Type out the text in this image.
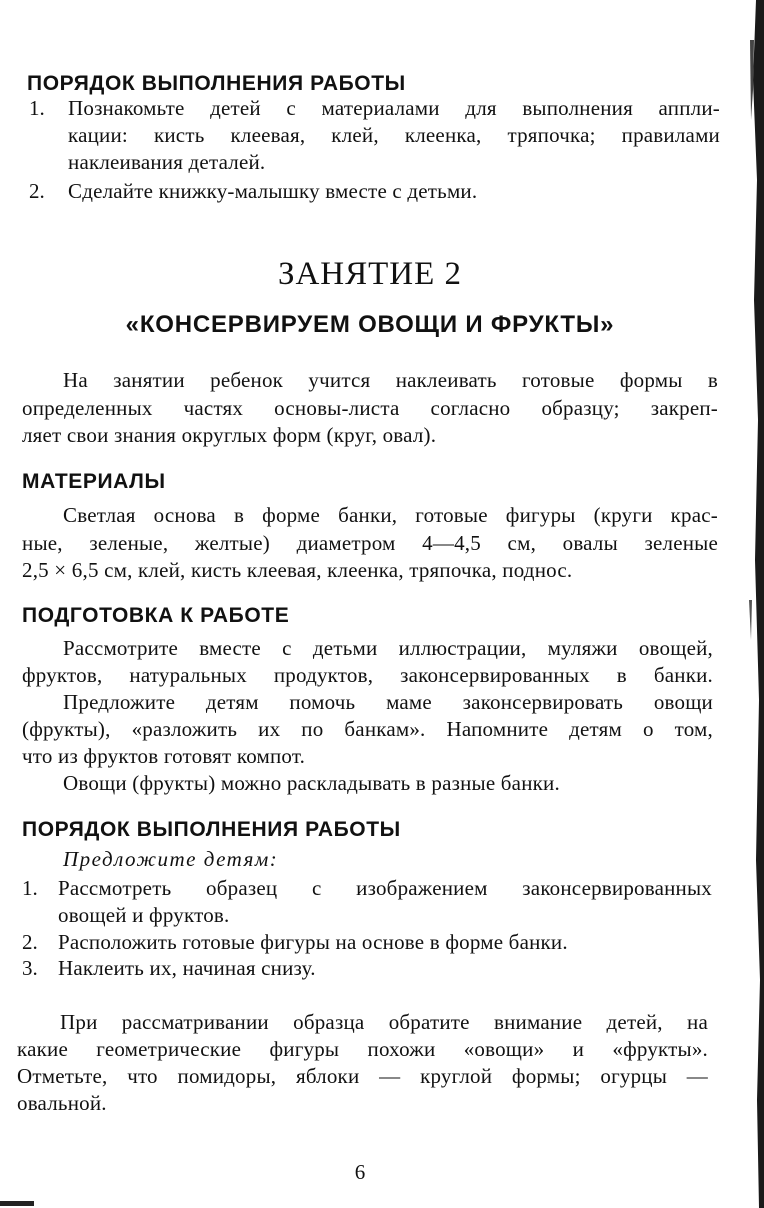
ПОРЯДОК ВЫПОЛНЕНИЯ РАБОТЫ

1. Познакомьте детей с материалами для выполнения аппли-

кации: кисть клеевая, клей, клеенка, тряпочка; правилами

наклеивания деталей.

2. Сделайте книжку-малышку вместе с детьми.

ЗАНЯТИЕ 2

«КОНСЕРВИРУЕМ ОВОЩИ И ФРУКТЫ»

На занятии ребенок учится наклеивать готовые формы в

определенных частях основы-листа согласно образцу; закреп-

ляет свои знания округлых форм (круг, овал).

МАТЕРИАЛЫ

Светлая основа в форме банки, готовые фигуры (круги крас-

ные, зеленые, желтые) диаметром 4—4,5 см, овалы зеленые

2,5 × 6,5 см, клей, кисть клеевая, клеенка, тряпочка, поднос.

ПОДГОТОВКА К РАБОТЕ

Рассмотрите вместе с детьми иллюстрации, муляжи овощей,

фруктов, натуральных продуктов, законсервированных в банки.

Предложите детям помочь маме законсервировать овощи

(фрукты), «разложить их по банкам». Напомните детям о том,

что из фруктов готовят компот.

Овощи (фрукты) можно раскладывать в разные банки.

ПОРЯДОК ВЫПОЛНЕНИЯ РАБОТЫ

Предложите детям:

1. Рассмотреть образец с изображением законсервированных

овощей и фруктов.

2. Расположить готовые фигуры на основе в форме банки.

3. Наклеить их, начиная снизу.

При рассматривании образца обратите внимание детей, на

какие геометрические фигуры похожи «овощи» и «фрукты».

Отметьте, что помидоры, яблоки — круглой формы; огурцы —

овальной.

6
